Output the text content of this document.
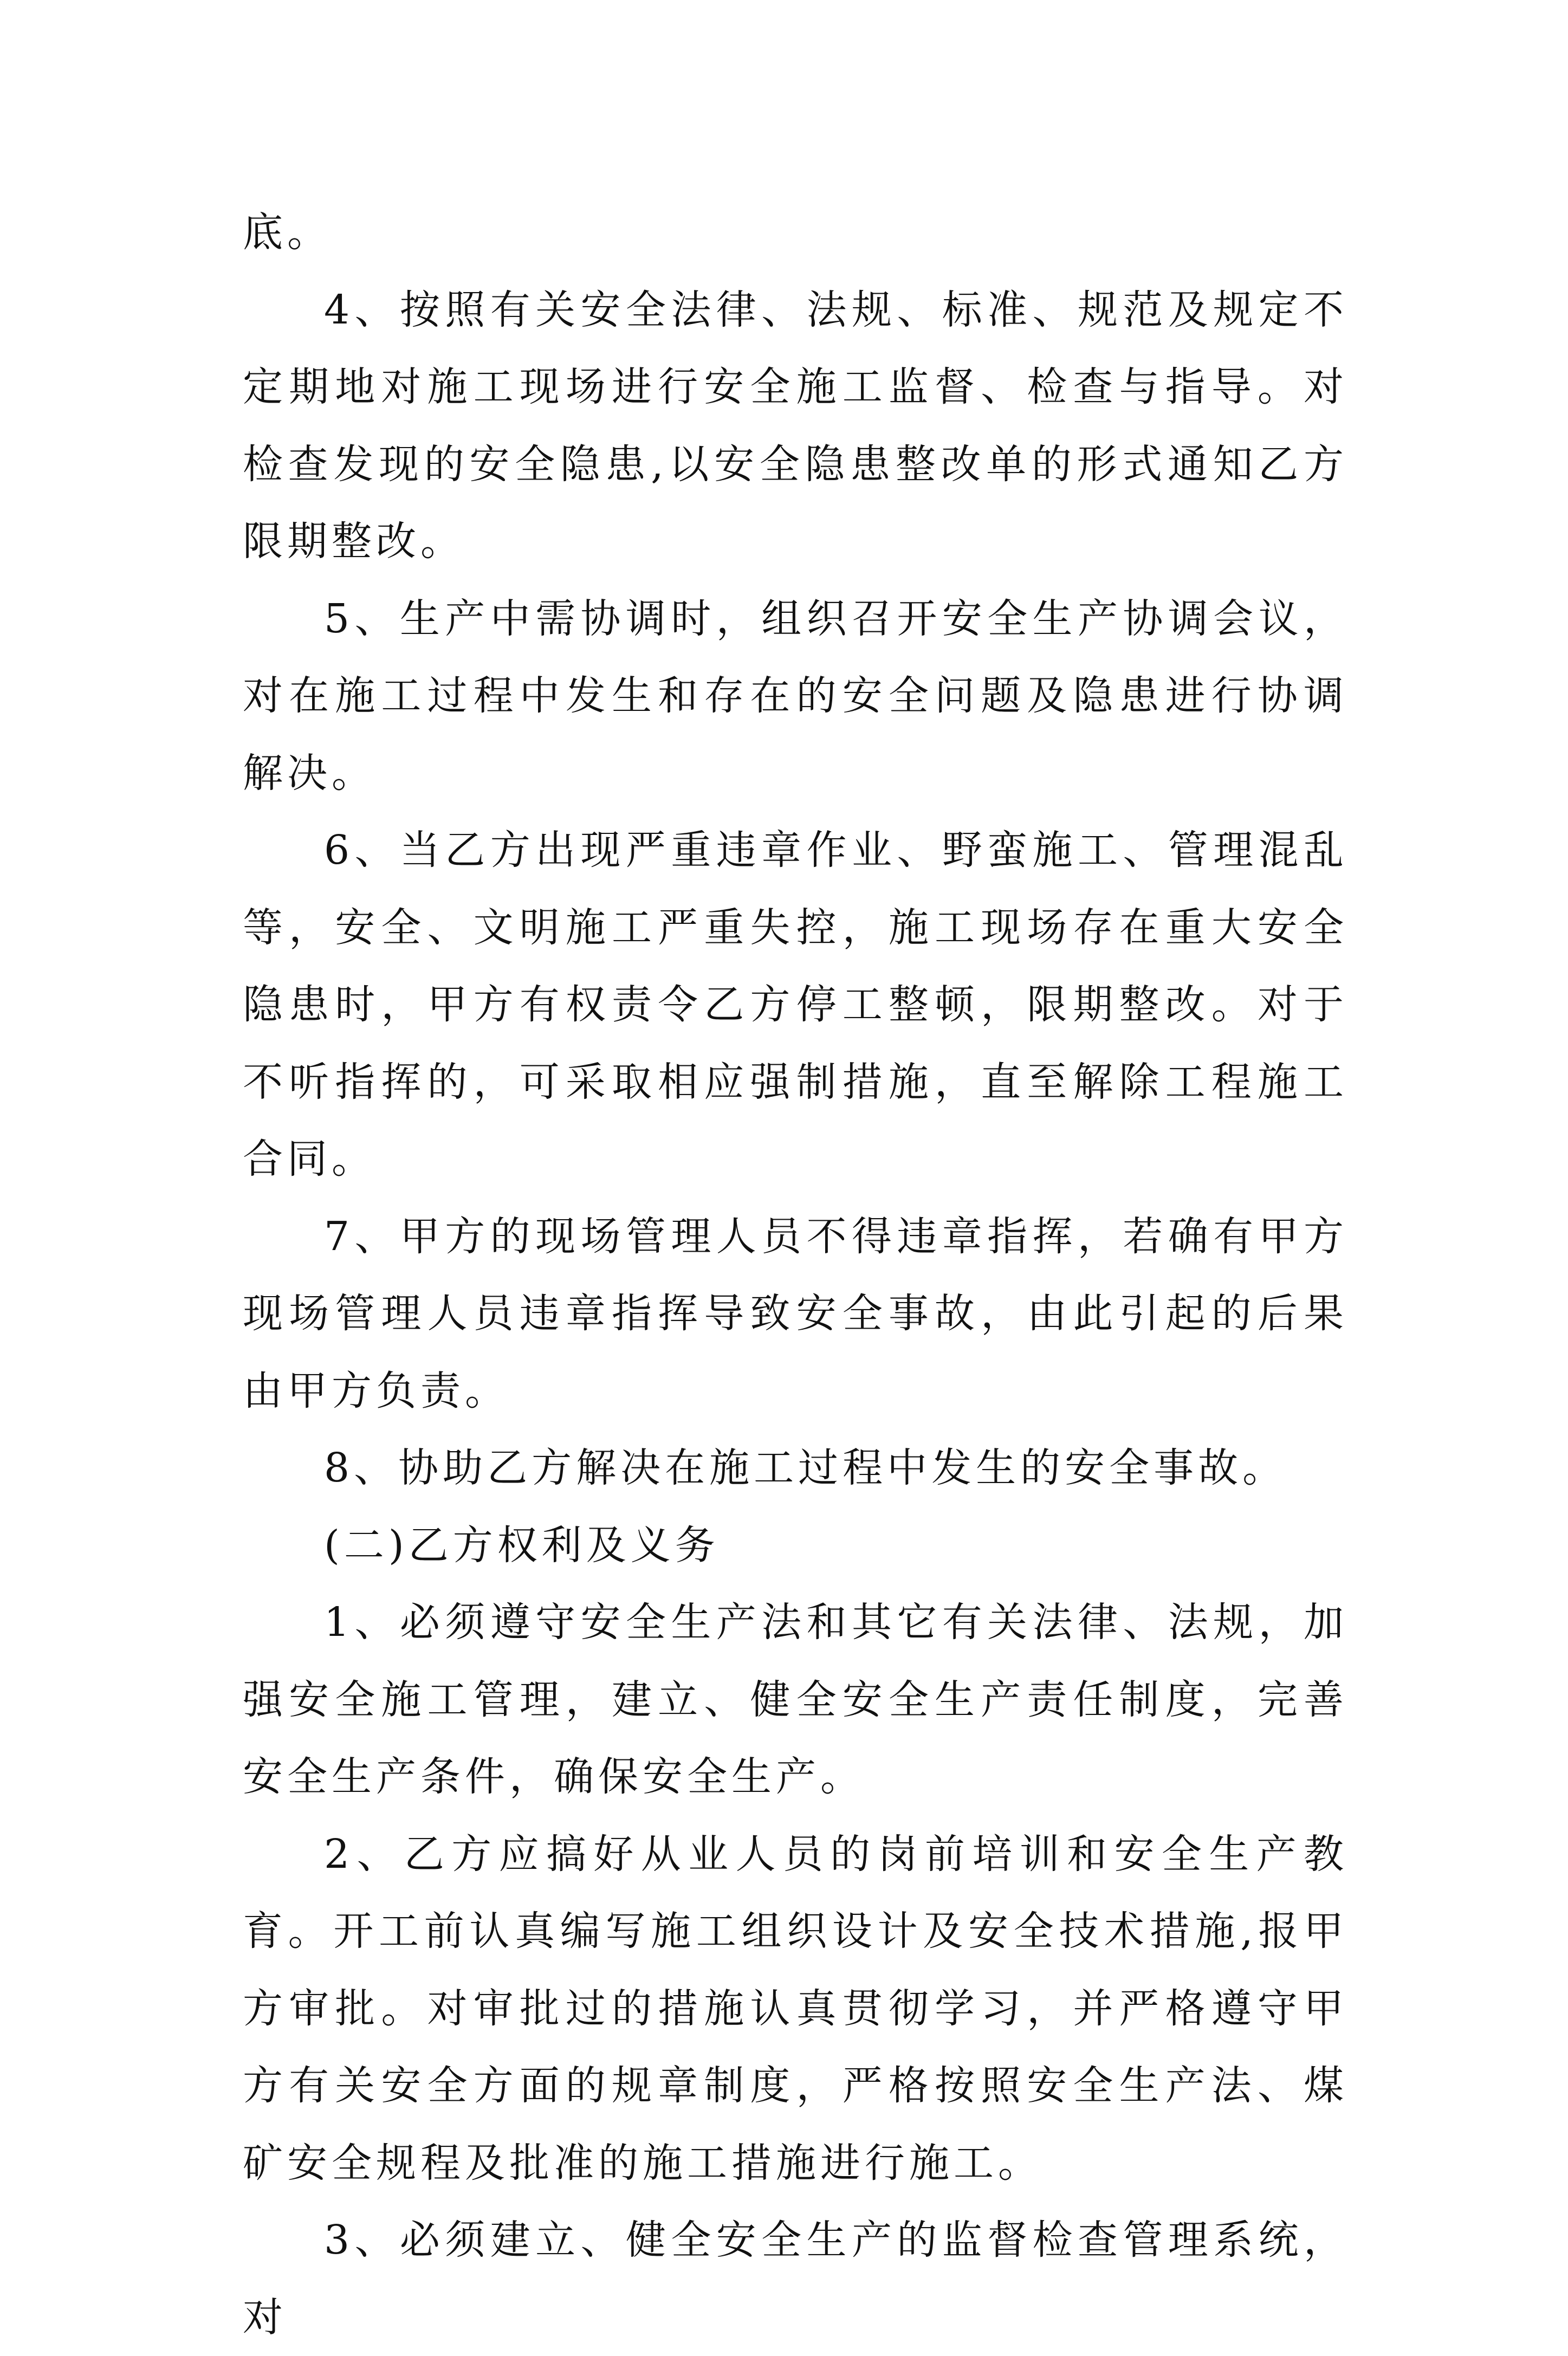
底。

4、按照有关安全法律、法规、标准、规范及规定不定期地对施工现场进行安全施工监督、检查与指导。对检查发现的安全隐患,以安全隐患整改单的形式通知乙方限期整改。

5、生产中需协调时，组织召开安全生产协调会议，对在施工过程中发生和存在的安全问题及隐患进行协调解决。

6、当乙方出现严重违章作业、野蛮施工、管理混乱等，安全、文明施工严重失控，施工现场存在重大安全隐患时，甲方有权责令乙方停工整顿，限期整改。对于不听指挥的，可采取相应强制措施，直至解除工程施工合同。

7、甲方的现场管理人员不得违章指挥，若确有甲方现场管理人员违章指挥导致安全事故，由此引起的后果由甲方负责。

8、协助乙方解决在施工过程中发生的安全事故。

(二)乙方权利及义务

1、必须遵守安全生产法和其它有关法律、法规，加强安全施工管理，建立、健全安全生产责任制度，完善安全生产条件，确保安全生产。

2、乙方应搞好从业人员的岗前培训和安全生产教育。开工前认真编写施工组织设计及安全技术措施,报甲方审批。对审批过的措施认真贯彻学习，并严格遵守甲方有关安全方面的规章制度，严格按照安全生产法、煤矿安全规程及批准的施工措施进行施工。

3、必须建立、健全安全生产的监督检查管理系统，对
